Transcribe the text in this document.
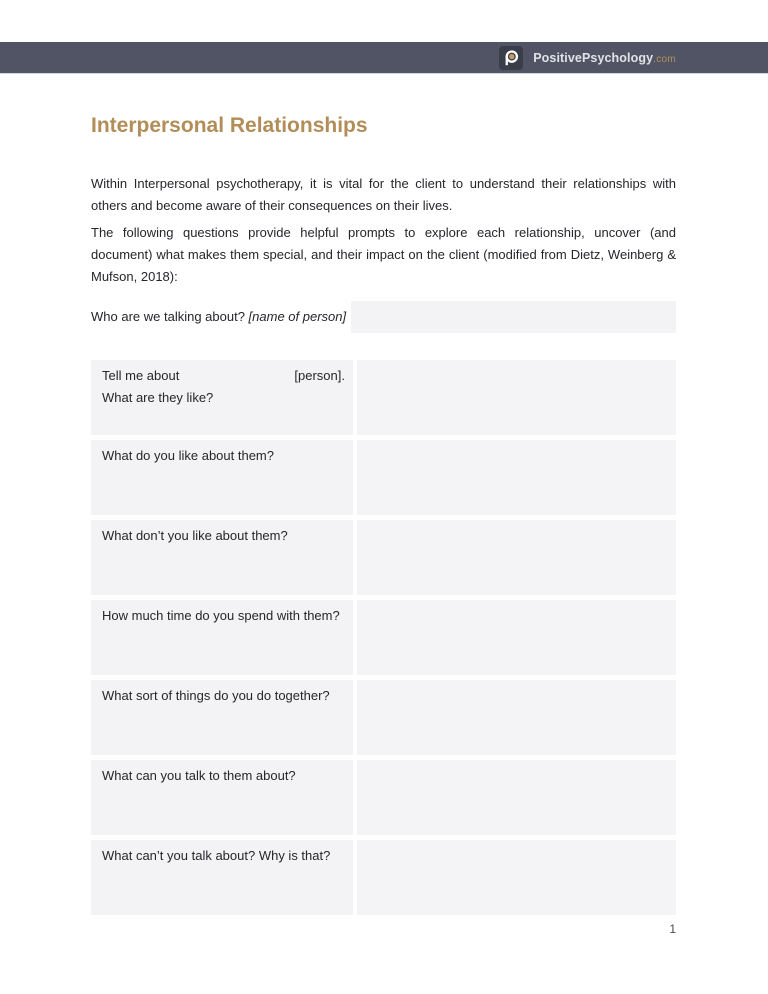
PositivePsychology.com
Interpersonal Relationships

Within Interpersonal psychotherapy, it is vital for the client to understand their relationships with others and become aware of their consequences on their lives.

The following questions provide helpful prompts to explore each relationship, uncover (and document) what makes them special, and their impact on the client (modified from Dietz, Weinberg & Mufson, 2018):

Who are we talking about? [name of person]
Tell me about	[person].
What are they like?
What do you like about them?
What don’t you like about them?
How much time do you spend with them?
What sort of things do you do together?
What can you talk to them about?
What can’t you talk about? Why is that?
1
